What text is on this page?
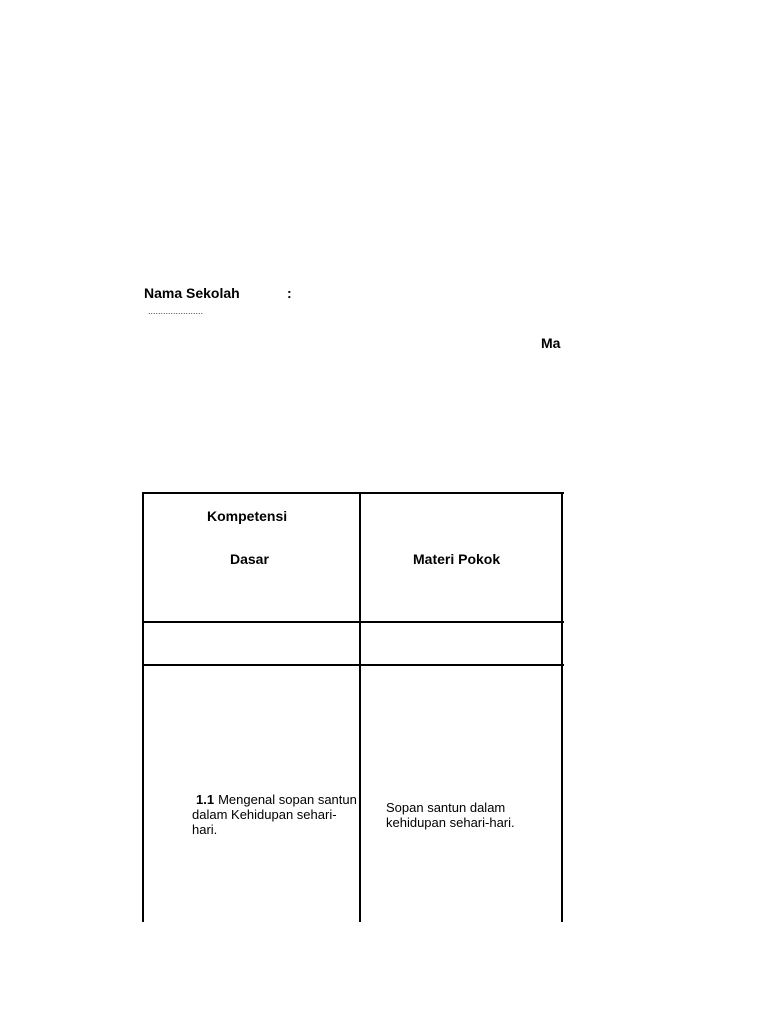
Nama Sekolah	:
......................
Ma
Kompetensi
Dasar	Materi Pokok
1.1 Mengenal sopan santun dalam Kehidupan sehari-hari.
Sopan santun dalam kehidupan sehari-hari.
